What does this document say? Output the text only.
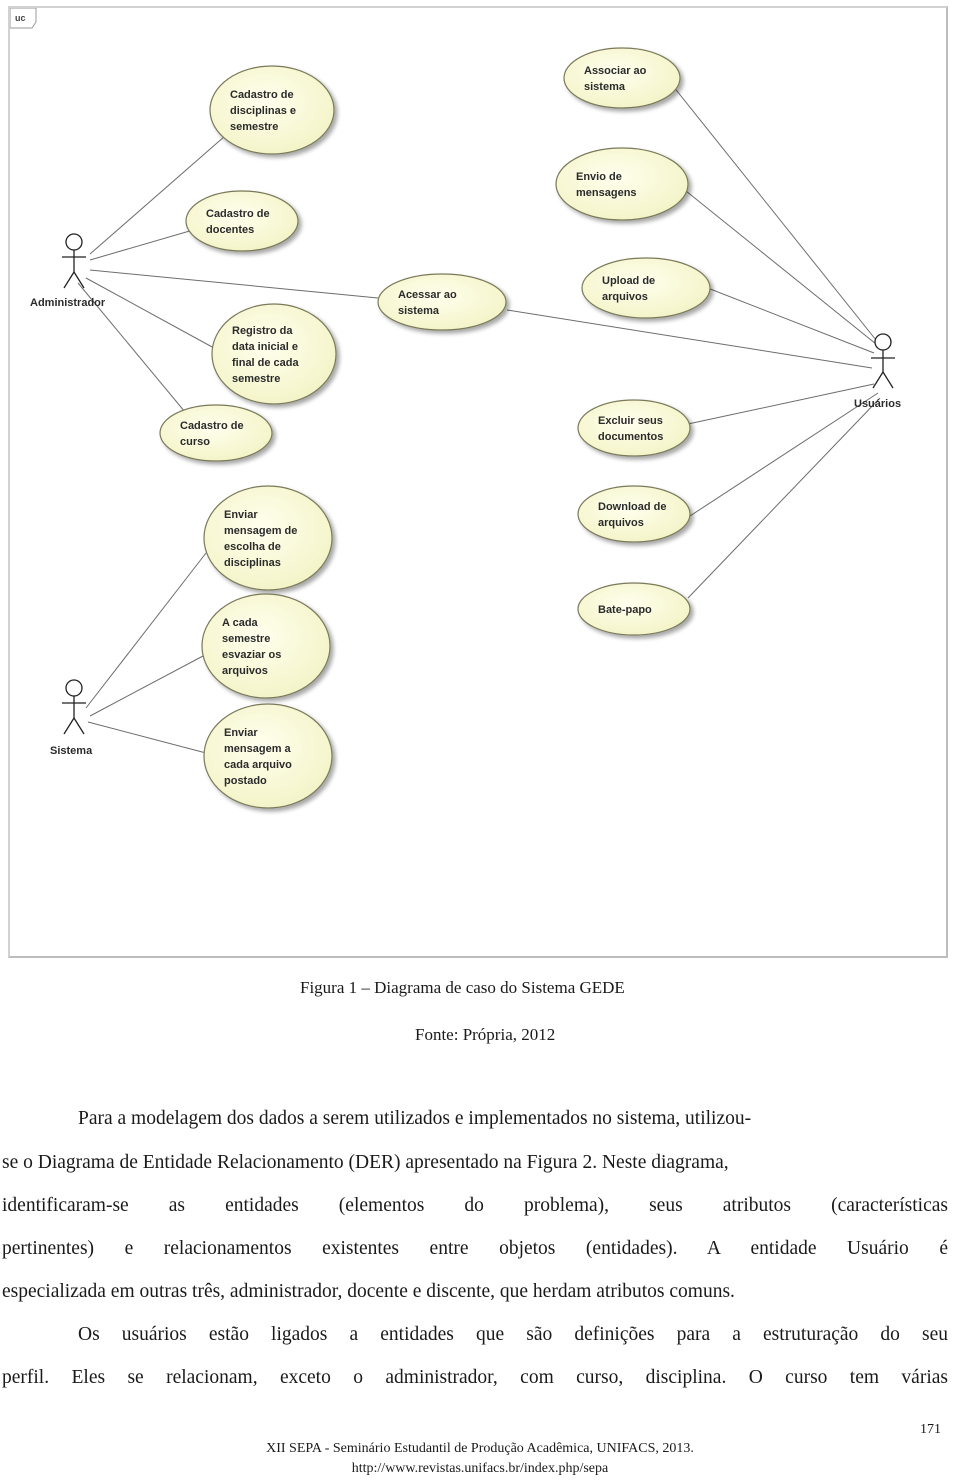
uc
Administrador
Usuários
Sistema
Cadastro de
disciplinas e
semestre
Cadastro de
docentes
Registro da
data inicial e
final de cada
semestre
Cadastro de
curso
Acessar ao
sistema
Associar ao
sistema
Envio de
mensagens
Upload de
arquivos
Excluir seus
documentos
Download de
arquivos
Bate-papo
Enviar
mensagem de
escolha de
disciplinas
A cada
semestre
esvaziar os
arquivos
Enviar
mensagem a
cada arquivo
postado
Figura 1 – Diagrama de caso do Sistema GEDE
Fonte: Própria, 2012
Para a modelagem dos dados a serem utilizados e implementados no sistema, utilizou-
se o Diagrama de Entidade Relacionamento (DER) apresentado na Figura 2. Neste diagrama,
identificaram-se as entidades (elementos do problema), seus atributos (características
pertinentes) e relacionamentos existentes entre objetos (entidades). A entidade Usuário é
especializada em outras três, administrador, docente e discente, que herdam atributos comuns.
Os usuários estão ligados a entidades que são definições para a estruturação do seu
perfil. Eles se relacionam, exceto o administrador, com curso, disciplina. O curso tem várias
171
XII SEPA - Seminário Estudantil de Produção Acadêmica, UNIFACS, 2013.
http://www.revistas.unifacs.br/index.php/sepa
